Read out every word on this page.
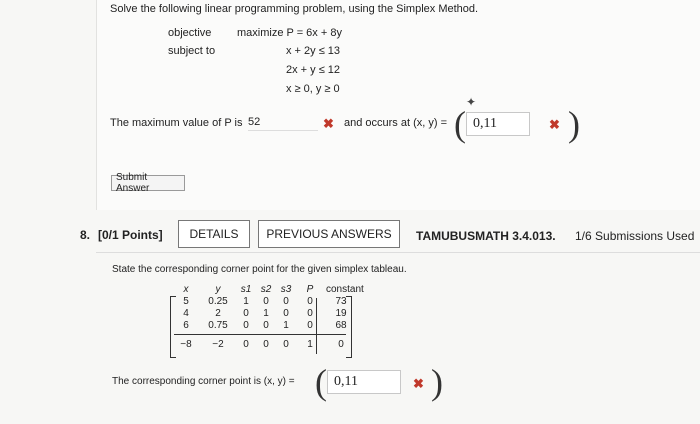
Solve the following linear programming problem, using the Simplex Method.
objective maximize P = 6x + 8y
subject to	x + 2y ≤ 13
2x + y ≤ 12
x ≥ 0, y ≥ 0
✦
The maximum value of P is 52	✖ and occurs at (x, y) = ( 0,11	✖ )
Submit Answer
8. [0/1 Points]	DETAILS	PREVIOUS ANSWERS	TAMUBUSMATH 3.4.013. 1/6 Submissions Used
State the corresponding corner point for the given simplex tableau.
x	y	s1 s2 s3	P	constant
5	0.25	1	0	0	0	73
4	2	0	1	0	0	19
6	0.75	0	0	1	0	68
−8	−2	0	0	0	1	0
The corresponding corner point is (x, y) = ( 0,11	✖ )
